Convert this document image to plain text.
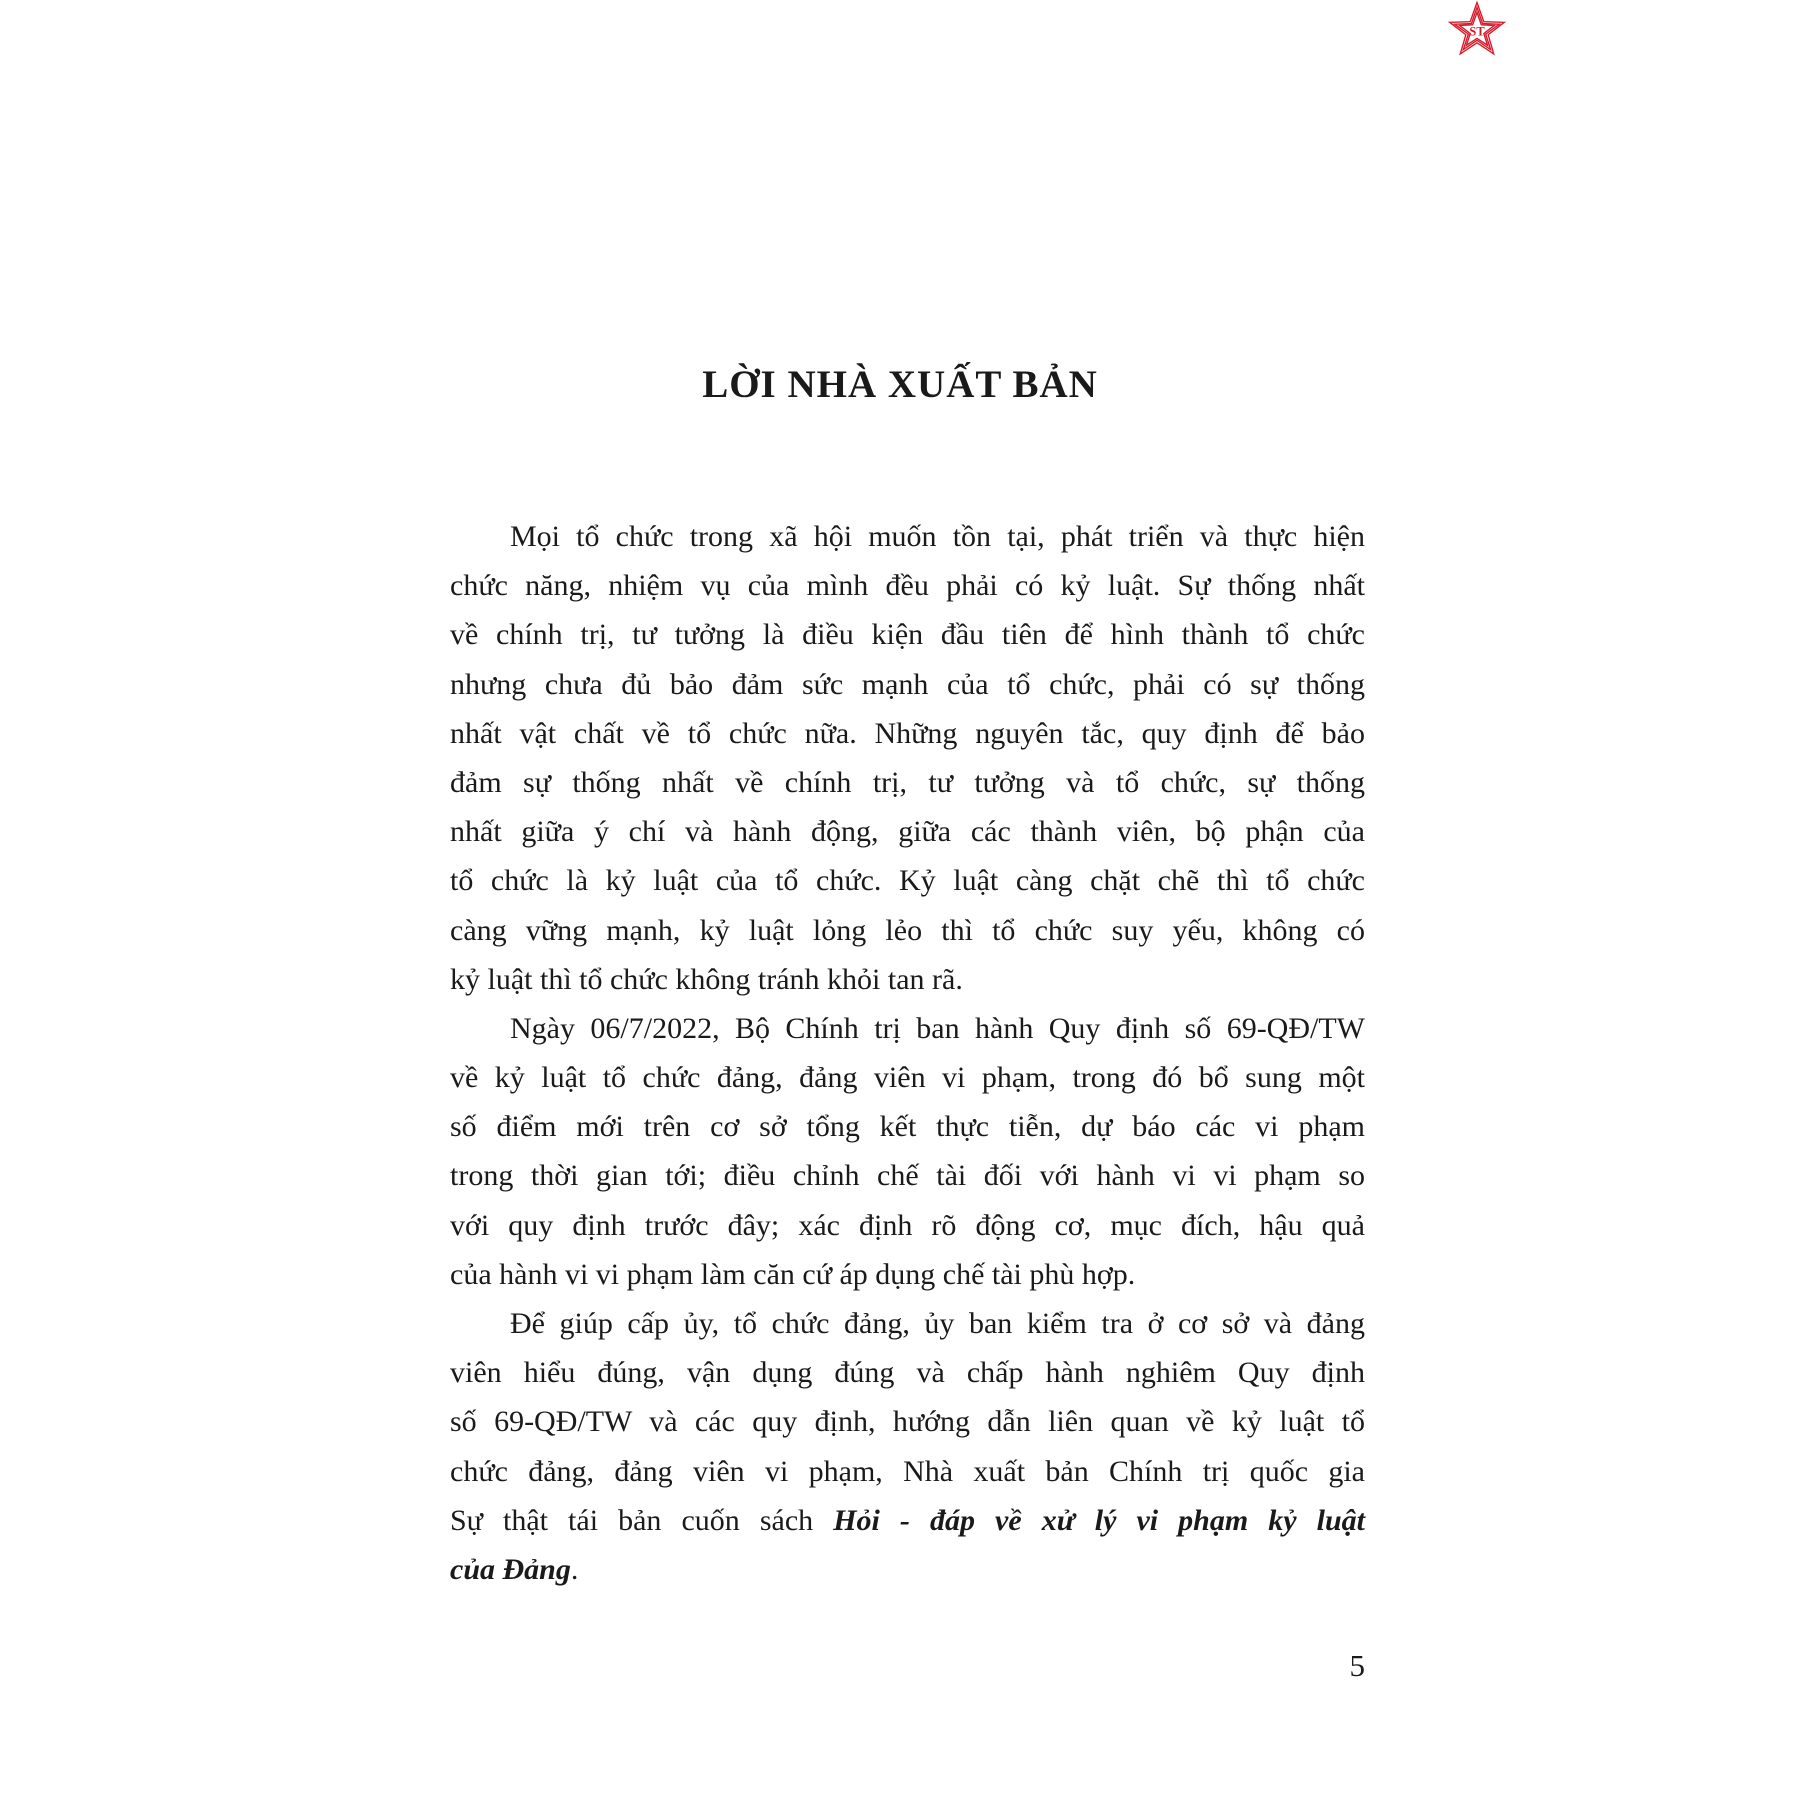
ST
LỜI NHÀ XUẤT BẢN
Mọi tổ chức trong xã hội muốn tồn tại, phát triển và thực hiện
chức năng, nhiệm vụ của mình đều phải có kỷ luật. Sự thống nhất
về chính trị, tư tưởng là điều kiện đầu tiên để hình thành tổ chức
nhưng chưa đủ bảo đảm sức mạnh của tổ chức, phải có sự thống
nhất vật chất về tổ chức nữa. Những nguyên tắc, quy định để bảo
đảm sự thống nhất về chính trị, tư tưởng và tổ chức, sự thống
nhất giữa ý chí và hành động, giữa các thành viên, bộ phận của
tổ chức là kỷ luật của tổ chức. Kỷ luật càng chặt chẽ thì tổ chức
càng vững mạnh, kỷ luật lỏng lẻo thì tổ chức suy yếu, không có
kỷ luật thì tổ chức không tránh khỏi tan rã.
Ngày 06/7/2022, Bộ Chính trị ban hành Quy định số 69-QĐ/TW
về kỷ luật tổ chức đảng, đảng viên vi phạm, trong đó bổ sung một
số điểm mới trên cơ sở tổng kết thực tiễn, dự báo các vi phạm
trong thời gian tới; điều chỉnh chế tài đối với hành vi vi phạm so
với quy định trước đây; xác định rõ động cơ, mục đích, hậu quả
của hành vi vi phạm làm căn cứ áp dụng chế tài phù hợp.
Để giúp cấp ủy, tổ chức đảng, ủy ban kiểm tra ở cơ sở và đảng
viên hiểu đúng, vận dụng đúng và chấp hành nghiêm Quy định
số 69-QĐ/TW và các quy định, hướng dẫn liên quan về kỷ luật tổ
chức đảng, đảng viên vi phạm, Nhà xuất bản Chính trị quốc gia
Sự thật tái bản cuốn sách Hỏi - đáp về xử lý vi phạm kỷ luật
của Đảng.
5
